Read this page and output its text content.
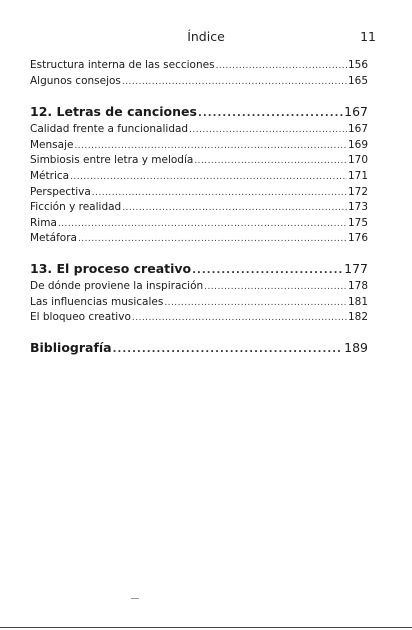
Índice	11
Estructura interna de las secciones . . .	156
Algunos consejos . . .	165
12. Letras de canciones . . .	167
Calidad frente a funcionalidad . . .	167
Mensaje . . .	169
Simbiosis entre letra y melodía . . .	170
Métrica . . .	171
Perspectiva . . .	172
Ficción y realidad . . .	173
Rima . . .	175
Metáfora . . .	176
13. El proceso creativo . . .	177
De dónde proviene la inspiración . . .	178
Las influencias musicales . . .	181
El bloqueo creativo . . .	182
Bibliografía . . .	189
